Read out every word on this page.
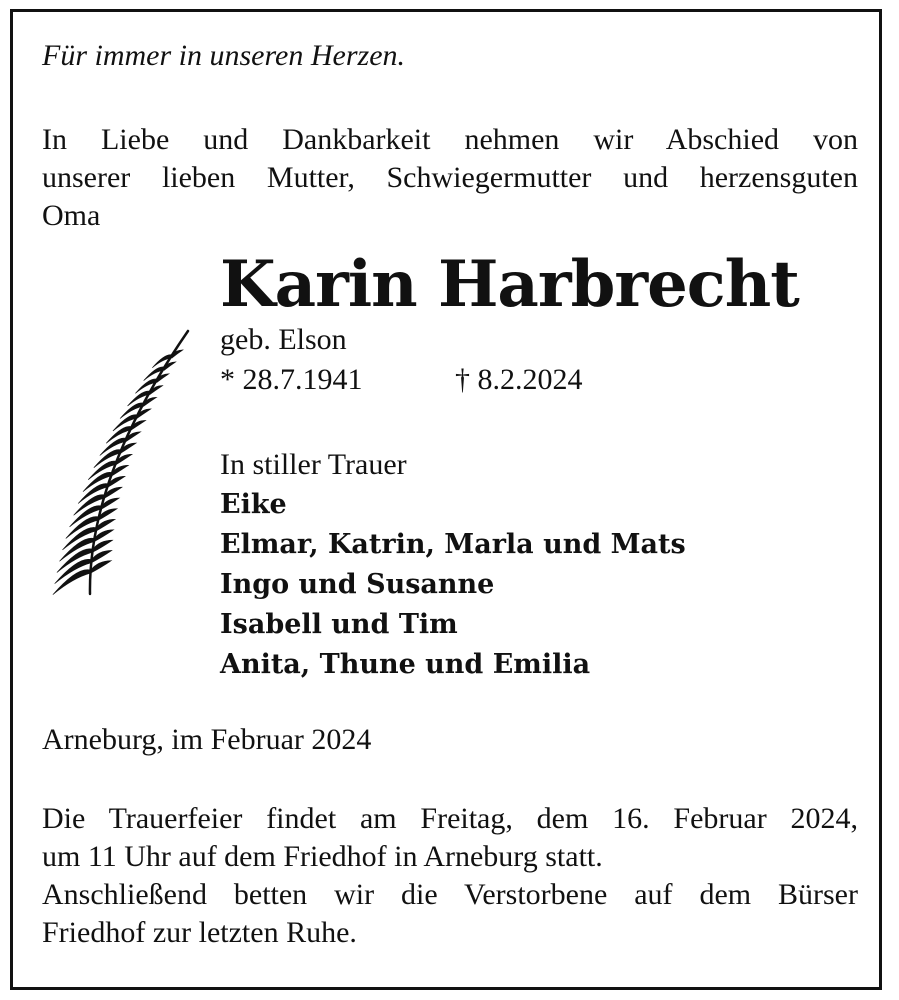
Für immer in unseren Herzen.
In Liebe und Dankbarkeit nehmen wir Abschied von
unserer lieben Mutter, Schwiegermutter und herzensguten
Oma
Karin Harbrecht
geb. Elson
* 28.7.1941	† 8.2.2024
In stiller Trauer
Eike
Elmar, Katrin, Marla und Mats
Ingo und Susanne
Isabell und Tim
Anita, Thune und Emilia
Arneburg, im Februar 2024
Die Trauerfeier findet am Freitag, dem 16. Februar 2024,
um 11 Uhr auf dem Friedhof in Arneburg statt.
Anschließend betten wir die Verstorbene auf dem Bürser
Friedhof zur letzten Ruhe.
